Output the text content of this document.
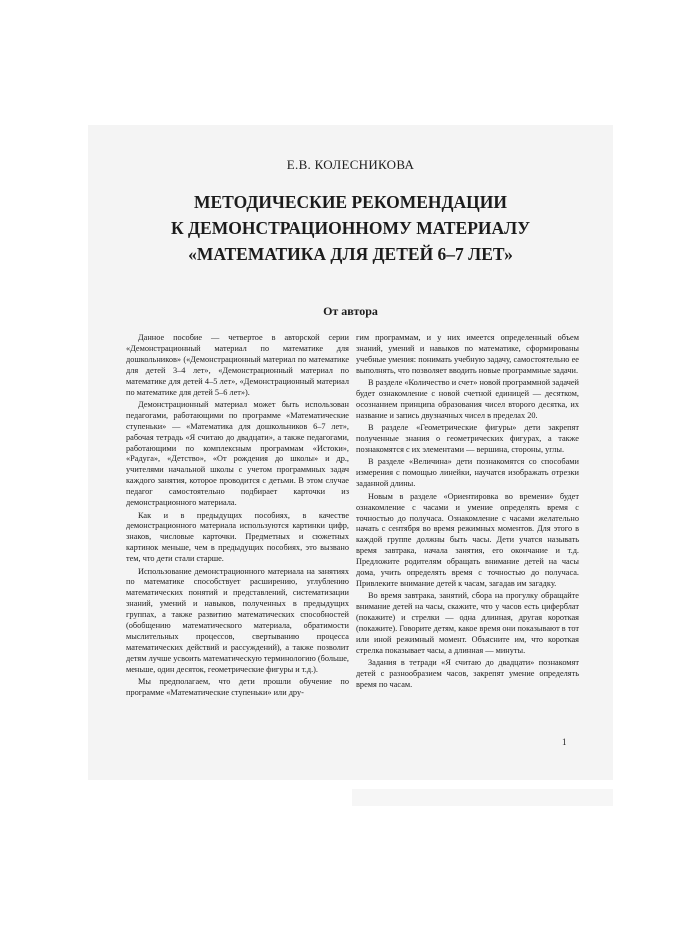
Е.В. КОЛЕСНИКОВА
МЕТОДИЧЕСКИЕ РЕКОМЕНДАЦИИ
К ДЕМОНСТРАЦИОННОМУ МАТЕРИАЛУ
«МАТЕМАТИКА ДЛЯ ДЕТЕЙ 6–7 ЛЕТ»
От автора

Данное пособие — четвертое в авторской серии «Демонстрационный материал по математике для дошкольников» («Демонстрационный материал по математике для детей 3–4 лет», «Демонстрационный материал по математике для детей 4–5 лет», «Демонстрационный материал по математике для детей 5–6 лет»).

Демонстрационный материал может быть использован педагогами, работающими по программе «Математические ступеньки» — «Математика для дошкольников 6–7 лет», рабочая тетрадь «Я считаю до двадцати», а также педагогами, работающими по комплексным программам «Истоки», «Радуга», «Детство», «От рождения до школы» и др., учителями начальной школы с учетом программных задач каждого занятия, которое проводится с детьми. В этом случае педагог самостоятельно подбирает карточки из демонстрационного материала.

Как и в предыдущих пособиях, в качестве демонстрационного материала используются картинки цифр, знаков, числовые карточки. Предметных и сюжетных картинок меньше, чем в предыдущих пособиях, это вызвано тем, что дети стали старше.

Использование демонстрационного материала на занятиях по математике способствует расширению, углублению математических понятий и представлений, систематизации знаний, умений и навыков, полученных в предыдущих группах, а также развитию математических способностей (обобщению математического материала, обратимости мыслительных процессов, свертыванию процесса математических действий и рассуждений), а также позволит детям лучше усвоить математическую терминологию (больше, меньше, один десяток, геометрические фигуры и т.д.).

Мы предполагаем, что дети прошли обучение по программе «Математические ступеньки» или дру-

гим программам, и у них имеется определенный объем знаний, умений и навыков по математике, сформированы учебные умения: понимать учебную задачу, самостоятельно ее выполнять, что позволяет вводить новые программные задачи.

В разделе «Количество и счет» новой программной задачей будет ознакомление с новой счетной единицей — десятком, осознанием принципа образования чисел второго десятка, их название и запись двузначных чисел в пределах 20.

В разделе «Геометрические фигуры» дети закрепят полученные знания о геометрических фигурах, а также познакомятся с их элементами — вершина, стороны, углы.

В разделе «Величина» дети познакомятся со способами измерения с помощью линейки, научатся изображать отрезки заданной длины.

Новым в разделе «Ориентировка во времени» будет ознакомление с часами и умение определять время с точностью до получаса. Ознакомление с часами желательно начать с сентября во время режимных моментов. Для этого в каждой группе должны быть часы. Дети учатся называть время завтрака, начала занятия, его окончание и т.д. Предложите родителям обращать внимание детей на часы дома, учить определять время с точностью до получаса. Привлеките внимание детей к часам, загадав им загадку.

Во время завтрака, занятий, сбора на прогулку обращайте внимание детей на часы, скажите, что у часов есть циферблат (покажите) и стрелки — одна длинная, другая короткая (покажите). Говорите детям, какое время они показывают в тот или иной режимный момент. Объясните им, что короткая стрелка показывает часы, а длинная — минуты.

Задания в тетради «Я считаю до двадцати» познакомят детей с разнообразием часов, закрепят умение определять время по часам.

1
